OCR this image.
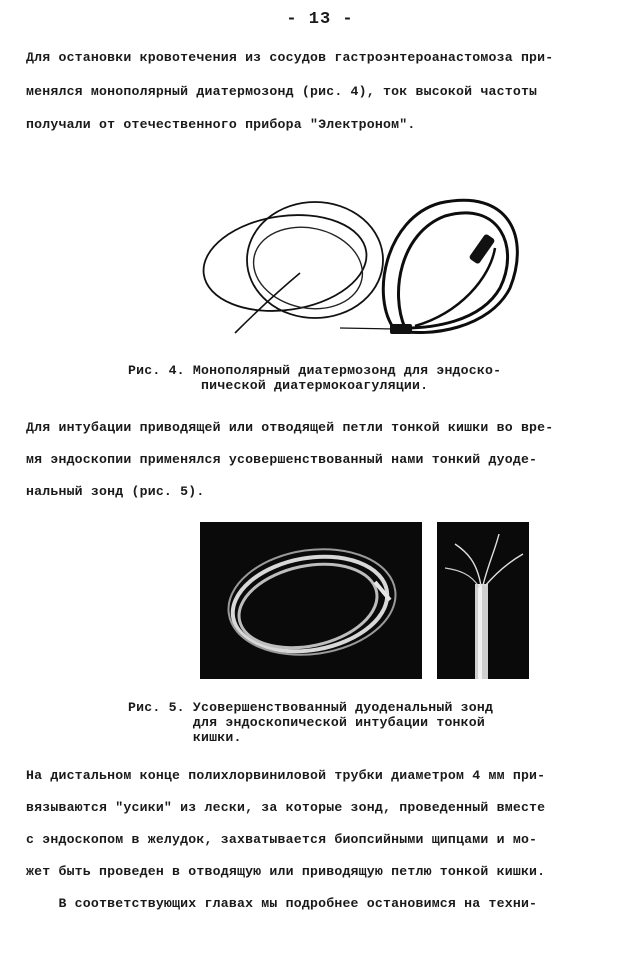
- 13 -
Для остановки кровотечения из сосудов гастроэнтероанастомоза при-
менялся монополярный диатермозонд (рис. 4), ток высокой частоты
получали от отечественного прибора "Электроном".
Рис. 4. Монополярный диатермозонд для эндоско-
пической диатермокоагуляции.
Для интубации приводящей или отводящей петли тонкой кишки во вре-
мя эндоскопии применялся усовершенствованный нами тонкий дуоде-
нальный зонд (рис. 5).
Рис. 5. Усовершенствованный дуоденальный зонд
для эндоскопической интубации тонкой
кишки.
На дистальном конце полихлорвиниловой трубки диаметром 4 мм при-
вязываются "усики" из лески, за которые зонд, проведенный вместе
с эндоскопом в желудок, захватывается биопсийными щипцами и мо-
жет быть проведен в отводящую или приводящую петлю тонкой кишки.
В соответствующих главах мы подробнее остановимся на техни-
